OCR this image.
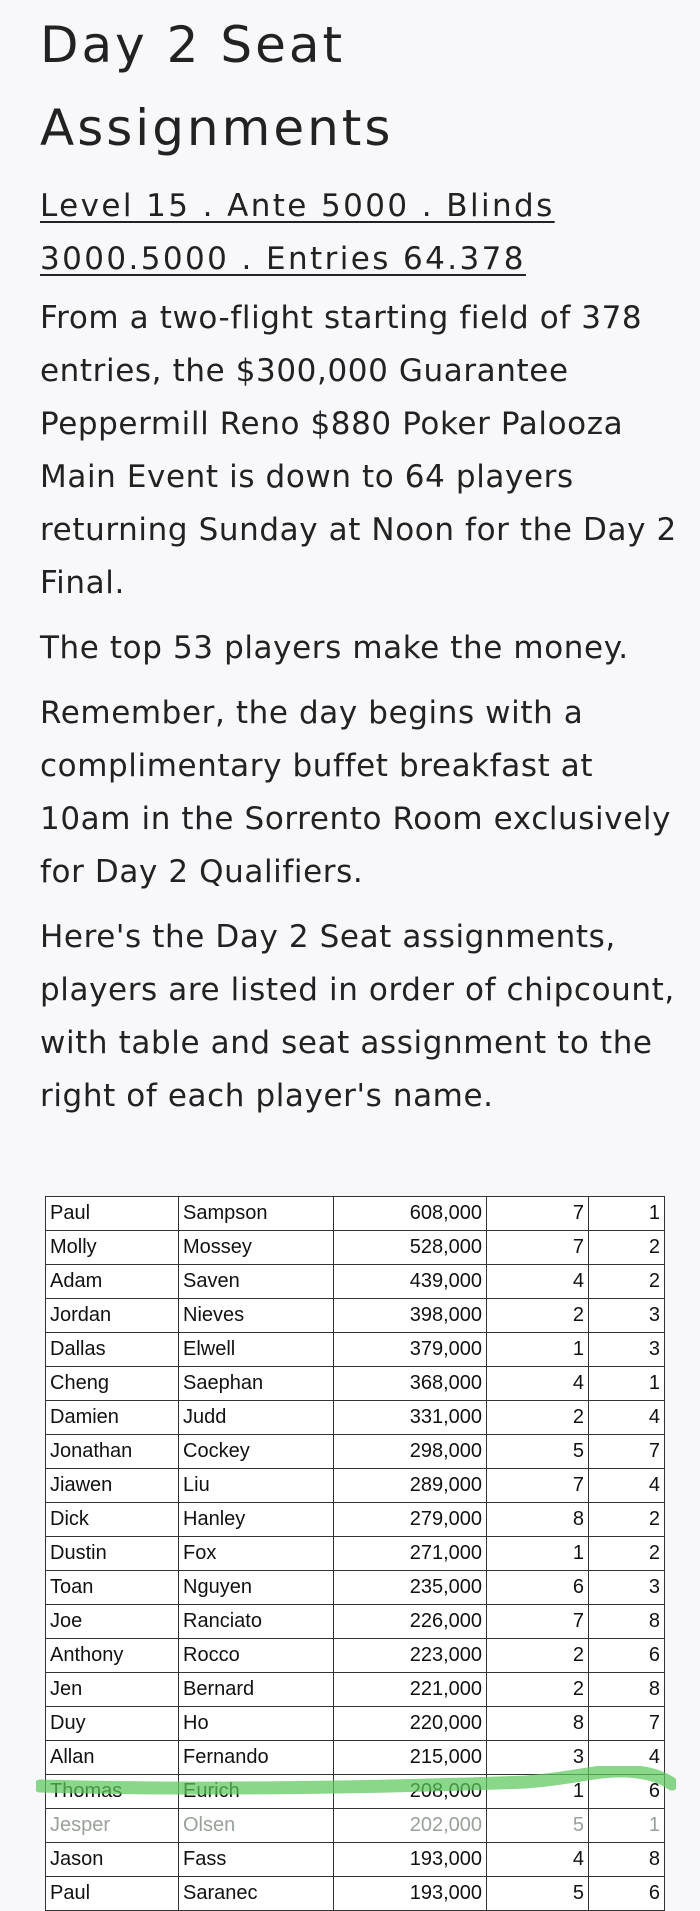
Day 2 Seat Assignments

Level 15 . Ante 5000 . Blinds 3000.5000 . Entries 64.378

From a two-flight starting field of 378 entries, the $300,000 Guarantee Peppermill Reno $880 Poker Palooza Main Event is down to 64 players returning Sunday at Noon for the Day 2 Final.

The top 53 players make the money.

Remember, the day begins with a complimentary buffet breakfast at 10am in the Sorrento Room exclusively for Day 2 Qualifiers.

Here's the Day 2 Seat assignments, players are listed in order of chipcount, with table and seat assignment to the right of each player's name.

Paul	Sampson	608,000	7	1
Molly	Mossey	528,000	7	2
Adam	Saven	439,000	4	2
Jordan	Nieves	398,000	2	3
Dallas	Elwell	379,000	1	3
Cheng	Saephan	368,000	4	1
Damien	Judd	331,000	2	4
Jonathan	Cockey	298,000	5	7
Jiawen	Liu	289,000	7	4
Dick	Hanley	279,000	8	2
Dustin	Fox	271,000	1	2
Toan	Nguyen	235,000	6	3
Joe	Ranciato	226,000	7	8
Anthony	Rocco	223,000	2	6
Jen	Bernard	221,000	2	8
Duy	Ho	220,000	8	7
Allan	Fernando	215,000	3	4
Thomas	Eurich	208,000	1	6
Jesper	Olsen	202,000	5	1
Jason	Fass	193,000	4	8
Paul	Saranec	193,000	5	6
